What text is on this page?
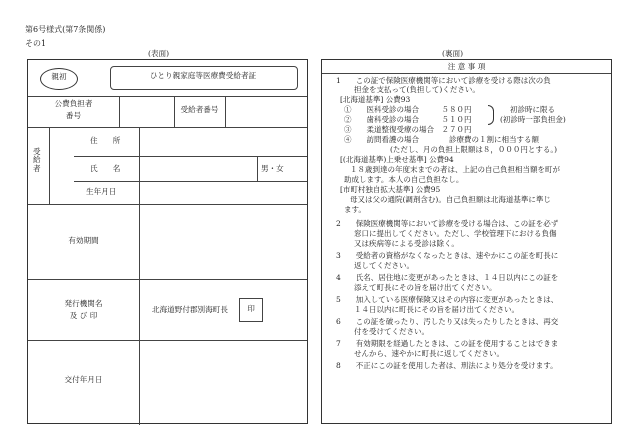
第6号様式(第7条関係)
その1
(表面)	(裏面)
親初	ひとり親家庭等医療費受給者証
公費負担者
番号
受給者番号
受給者
住　　所
氏　　名	男・女
生年月日
有効期間
発行機関名
及 び 印
北海道野付郡別海町長	印
交付年月日
注 意 事 項
1　　この証で保険医療機関等において診療を受ける際は次の負
担金を支払って(負担して)ください。
[北海道基準] 公費93
①　　医科受診の場合　　　５８０円
②　　歯科受診の場合　　　５１０円
初診時に限る
(初診時一部負担金)
③　　柔道整復受療の場合　２７０円
④　　訪問看護の場合　　　　診療費の１割に相当する額
(ただし、月の負担上限額は８，０００円とする。)
[(北海道基準)上乗せ基準] 公費94
１８歳到達の年度末までの者は、上記の自己負担相当額を町が
助成します。本人の自己負担なし。
[市町村独自拡大基準] 公費95
母又は父の通院(調剤含む)。自己負担額は北海道基準に準じ
ます。
2　　保険医療機関等において診療を受ける場合は、この証を必ず
窓口に提出してください。ただし、学校管理下における負傷
又は疾病等による受診は除く。
3　　受給者の資格がなくなったときは、速やかにこの証を町長に
返してください。
4　　氏名、居住地に変更があったときは、１４日以内にこの証を
添えて町長にその旨を届け出てください。
5　　加入している医療保険又はその内容に変更があったときは、
１４日以内に町長にその旨を届け出てください。
6　　この証を破ったり、汚したり又は失ったりしたときは、再交
付を受けてください。
7　　有効期限を経過したときは、この証を使用することはできま
せんから、速やかに町長に返してください。
8　　不正にこの証を使用した者は、刑法により処分を受けます。
